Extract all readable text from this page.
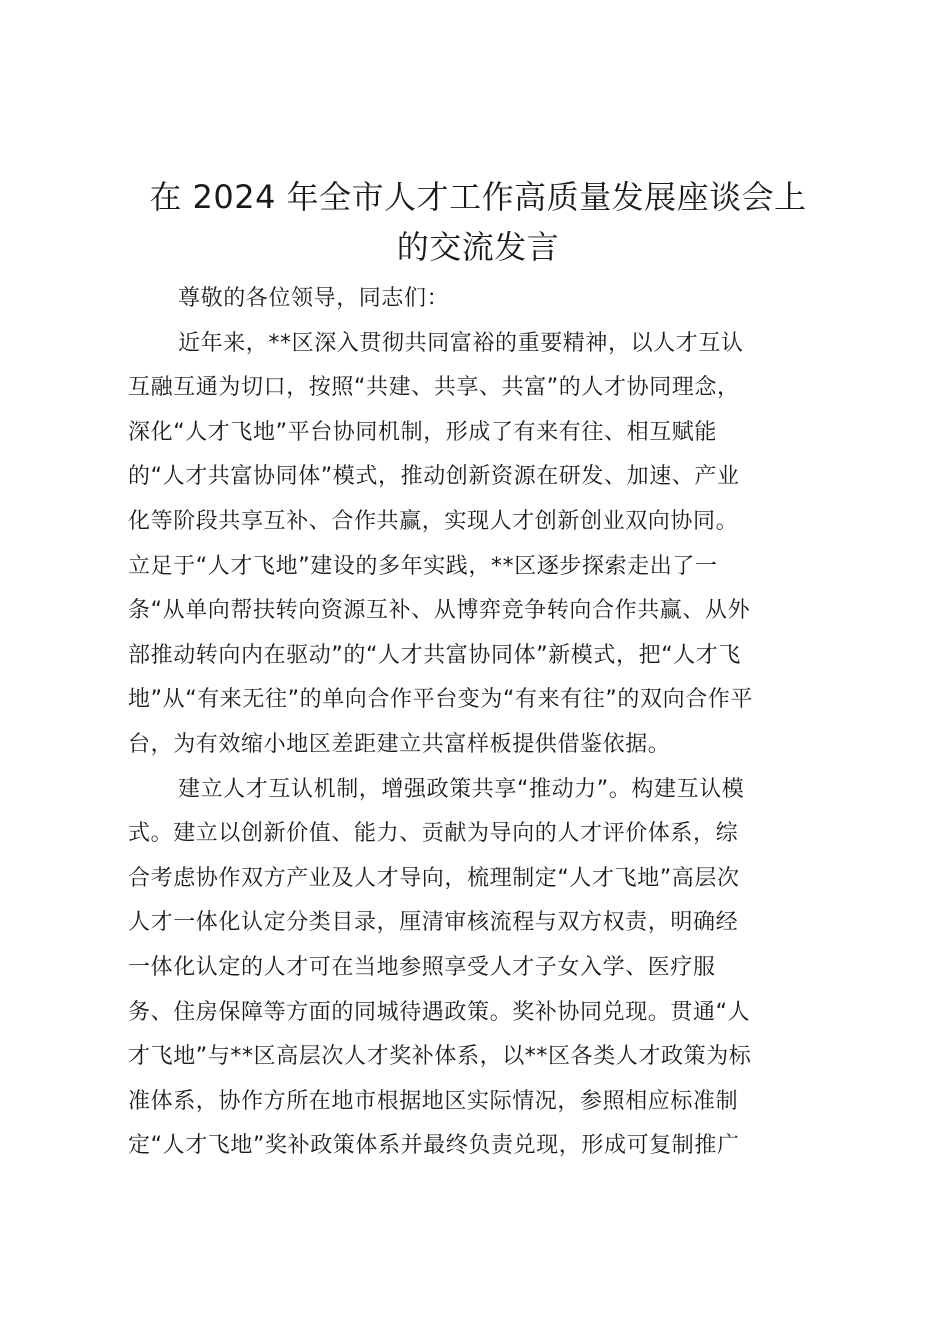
在 2024 年全市人才工作高质量发展座谈会上
的交流发言
尊敬的各位领导，同志们：
近年来，**区深入贯彻共同富裕的重要精神，以人才互认
互融互通为切口，按照“共建、共享、共富”的人才协同理念，
深化“人才飞地”平台协同机制，形成了有来有往、相互赋能
的“人才共富协同体”模式，推动创新资源在研发、加速、产业
化等阶段共享互补、合作共赢，实现人才创新创业双向协同。
立足于“人才飞地”建设的多年实践，**区逐步探索走出了一
条“从单向帮扶转向资源互补、从博弈竞争转向合作共赢、从外
部推动转向内在驱动”的“人才共富协同体”新模式，把“人才飞
地”从“有来无往”的单向合作平台变为“有来有往”的双向合作平
台，为有效缩小地区差距建立共富样板提供借鉴依据。
建立人才互认机制，增强政策共享“推动力”。构建互认模
式。建立以创新价值、能力、贡献为导向的人才评价体系，综
合考虑协作双方产业及人才导向，梳理制定“人才飞地”高层次
人才一体化认定分类目录，厘清审核流程与双方权责，明确经
一体化认定的人才可在当地参照享受人才子女入学、医疗服
务、住房保障等方面的同城待遇政策。奖补协同兑现。贯通“人
才飞地”与**区高层次人才奖补体系，以**区各类人才政策为标
准体系，协作方所在地市根据地区实际情况，参照相应标准制
定“人才飞地”奖补政策体系并最终负责兑现，形成可复制推广
